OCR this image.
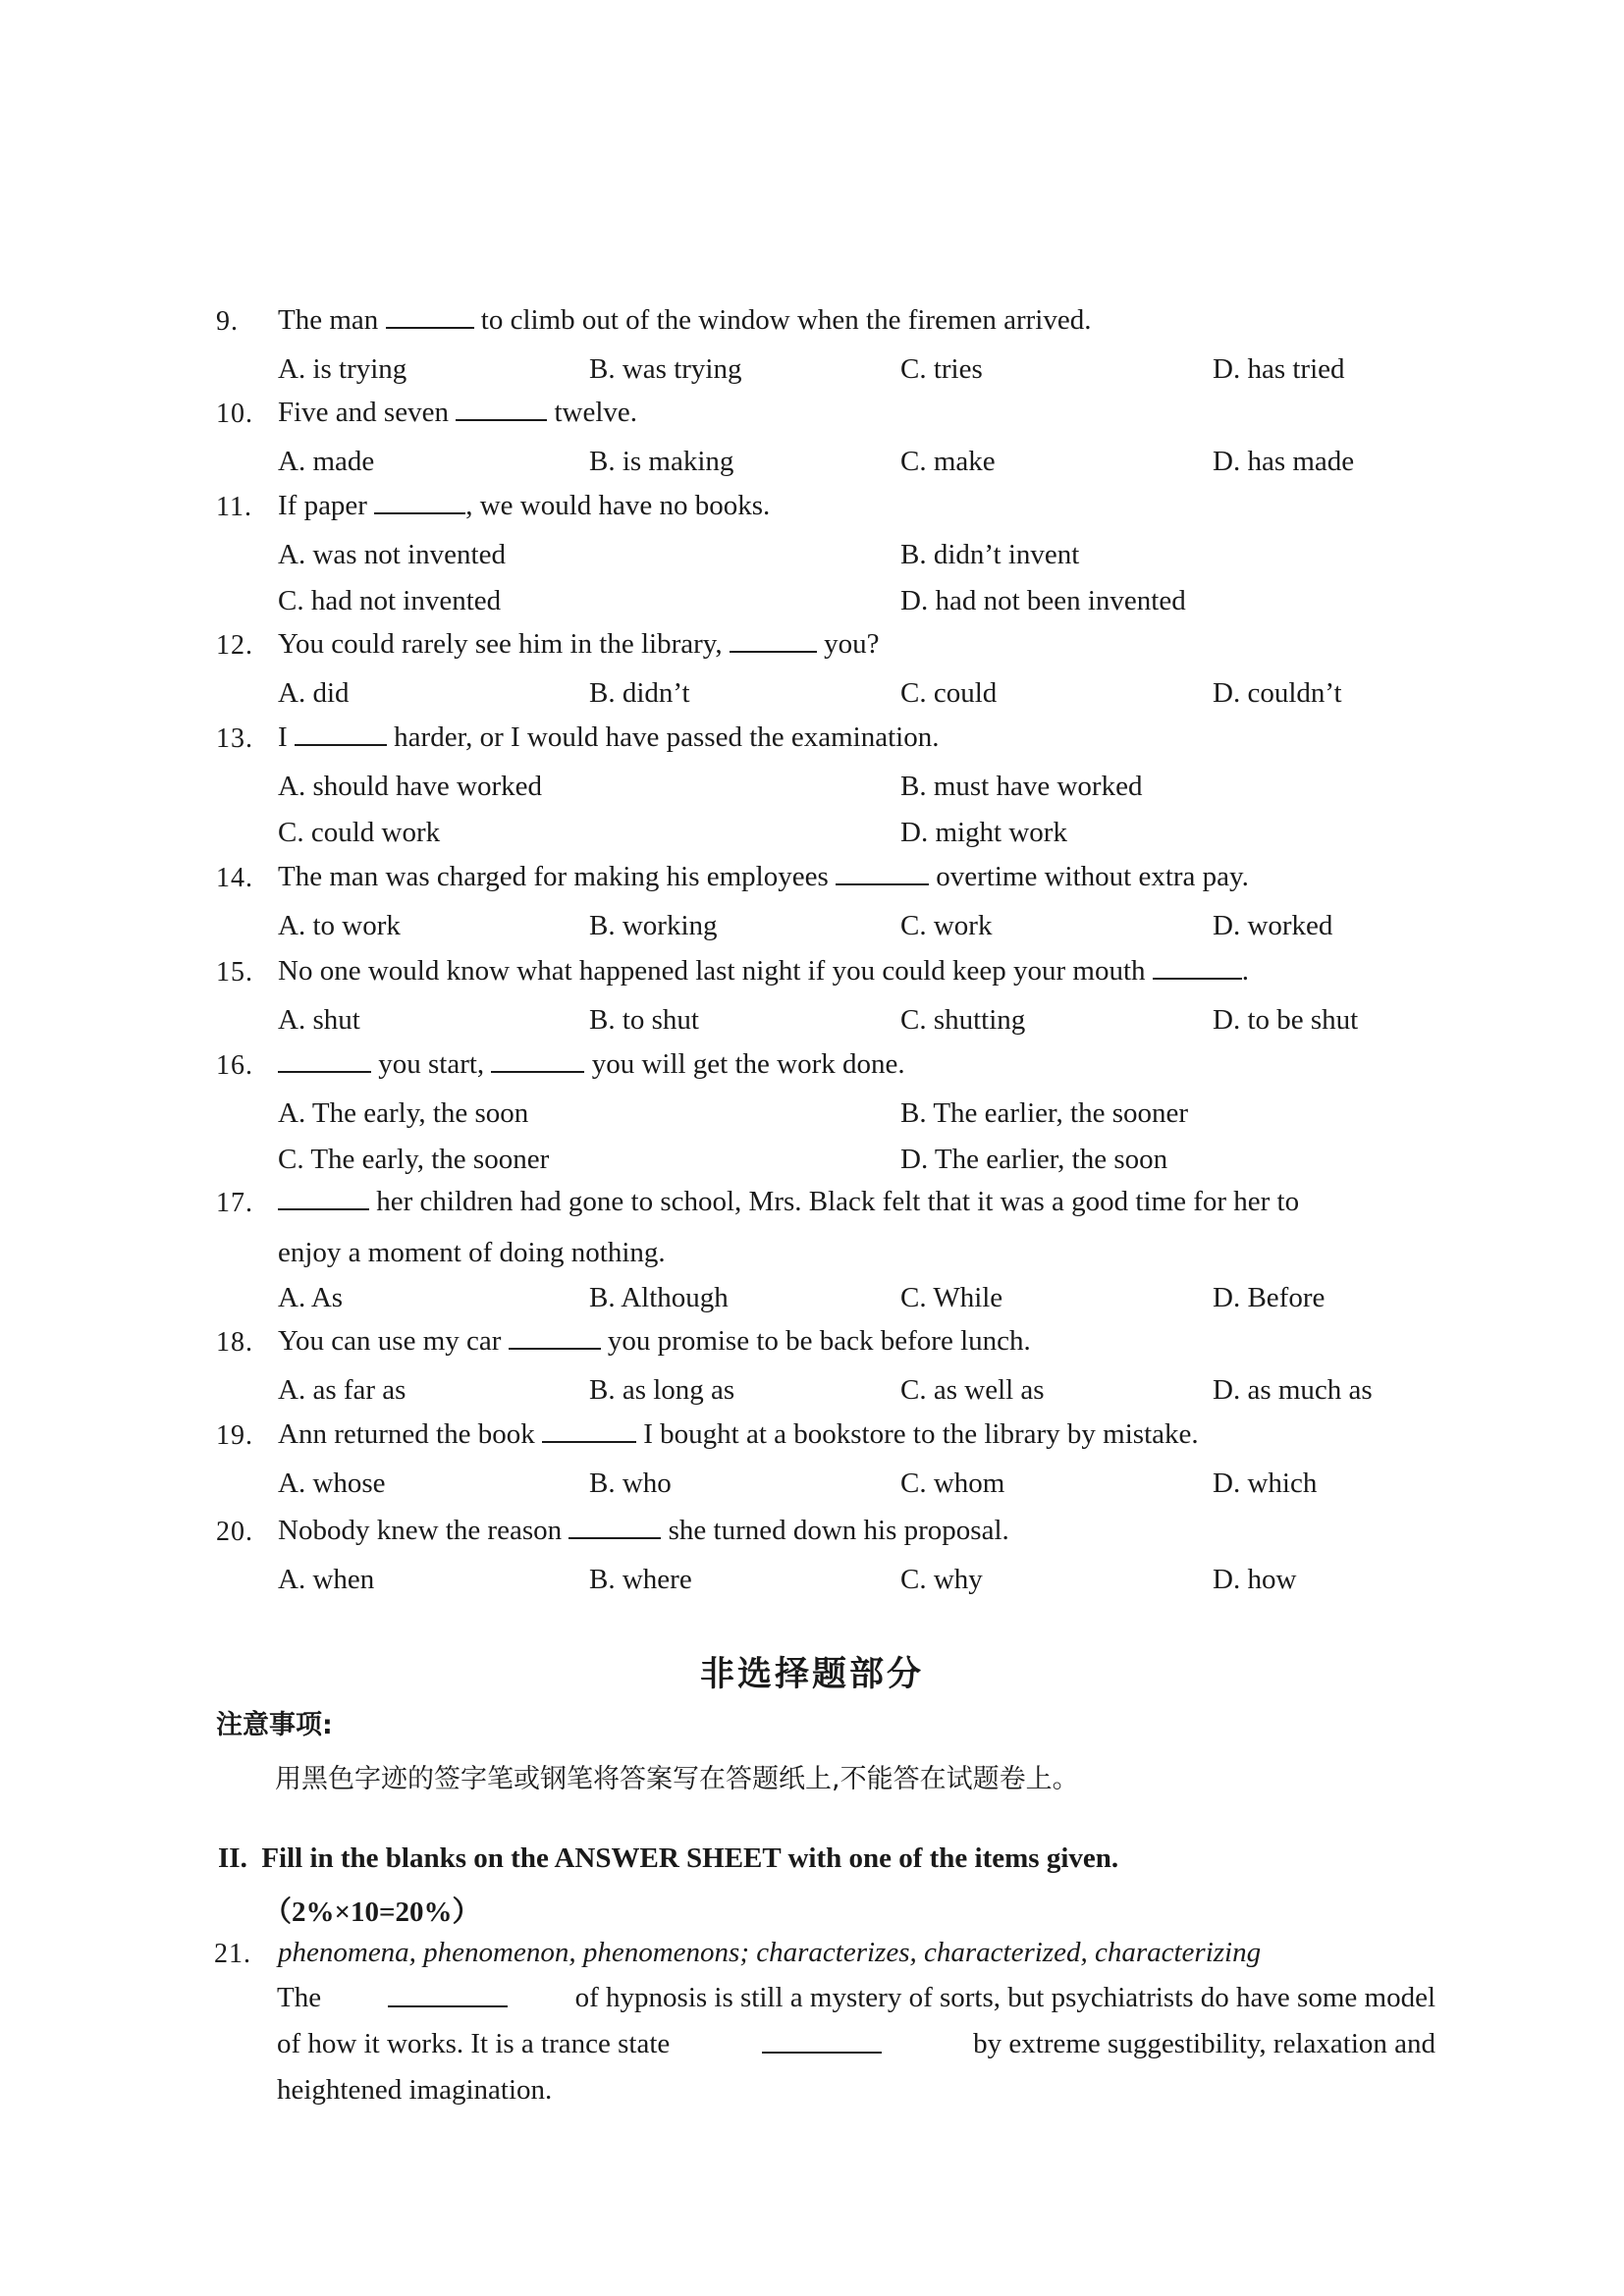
9.	The man	to climb out of the window when the firemen arrived.
A. is trying	B. was trying	C. tries	D. has tried
10. Five and seven	twelve.
A. made	B. is making	C. make	D. has made
11. If paper	, we would have no books.
A. was not invented	B. didn’t invent
C. had not invented	D. had not been invented
12. You could rarely see him in the library,	you?
A. did	B. didn’t	C. could	D. couldn’t
13. I	harder, or I would have passed the examination.
A. should have worked	B. must have worked
C. could work	D. might work
14. The man was charged for making his employees	overtime without extra pay.
A. to work	B. working	C. work	D. worked
15. No one would know what happened last night if you could keep your mouth	.
A. shut	B. to shut	C. shutting	D. to be shut
16.	you start,	you will get the work done.
A. The early, the soon	B. The earlier, the sooner
C. The early, the sooner	D. The earlier, the soon
17.	her children had gone to school, Mrs. Black felt that it was a good time for her to
enjoy a moment of doing nothing.
A. As	B. Although	C. While	D. Before
18. You can use my car	you promise to be back before lunch.
A. as far as	B. as long as	C. as well as	D. as much as
19. Ann returned the book	I bought at a bookstore to the library by mistake.
A. whose	B. who	C. whom	D. which
20. Nobody knew the reason	she turned down his proposal.
A. when	B. where	C. why	D. how
非选择题部分
注意事项:
用黑色字迹的签字笔或钢笔将答案写在答题纸上,不能答在试题卷上。
II.  Fill in the blanks on the ANSWER SHEET with one of the items given.
（2%×10=20%）
21. phenomena, phenomenon, phenomenons; characterizes, characterized, characterizing
The	of hypnosis is still a mystery of sorts, but psychiatrists do have some model
of how it works. It is a trance state	by extreme suggestibility, relaxation and
heightened imagination.
